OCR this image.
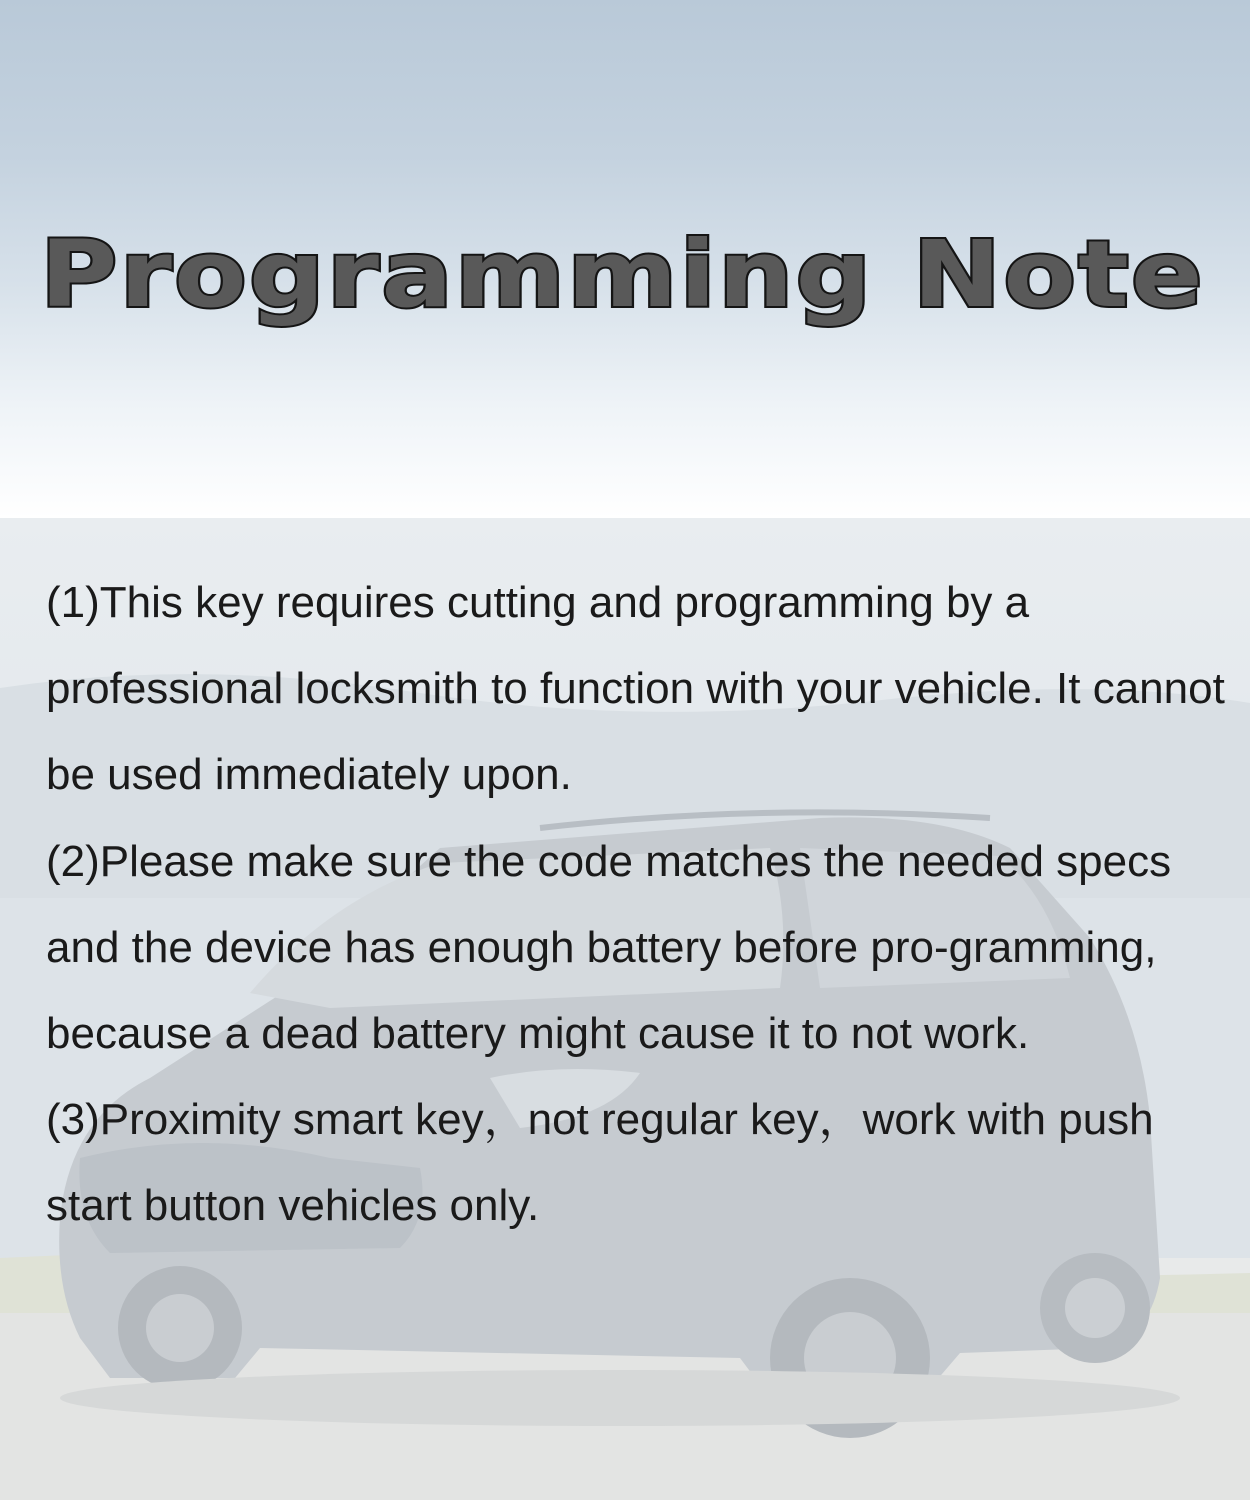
Programming Note

(1)This key requires cutting and programming by a professional locksmith to function with your vehicle. It cannot be used immediately upon.

(2)Please make sure the code matches the needed specs and the device has enough battery before pro-gramming, because a dead battery might cause it to not work.

(3)Proximity smart key，not regular key，work with push start button vehicles only.
